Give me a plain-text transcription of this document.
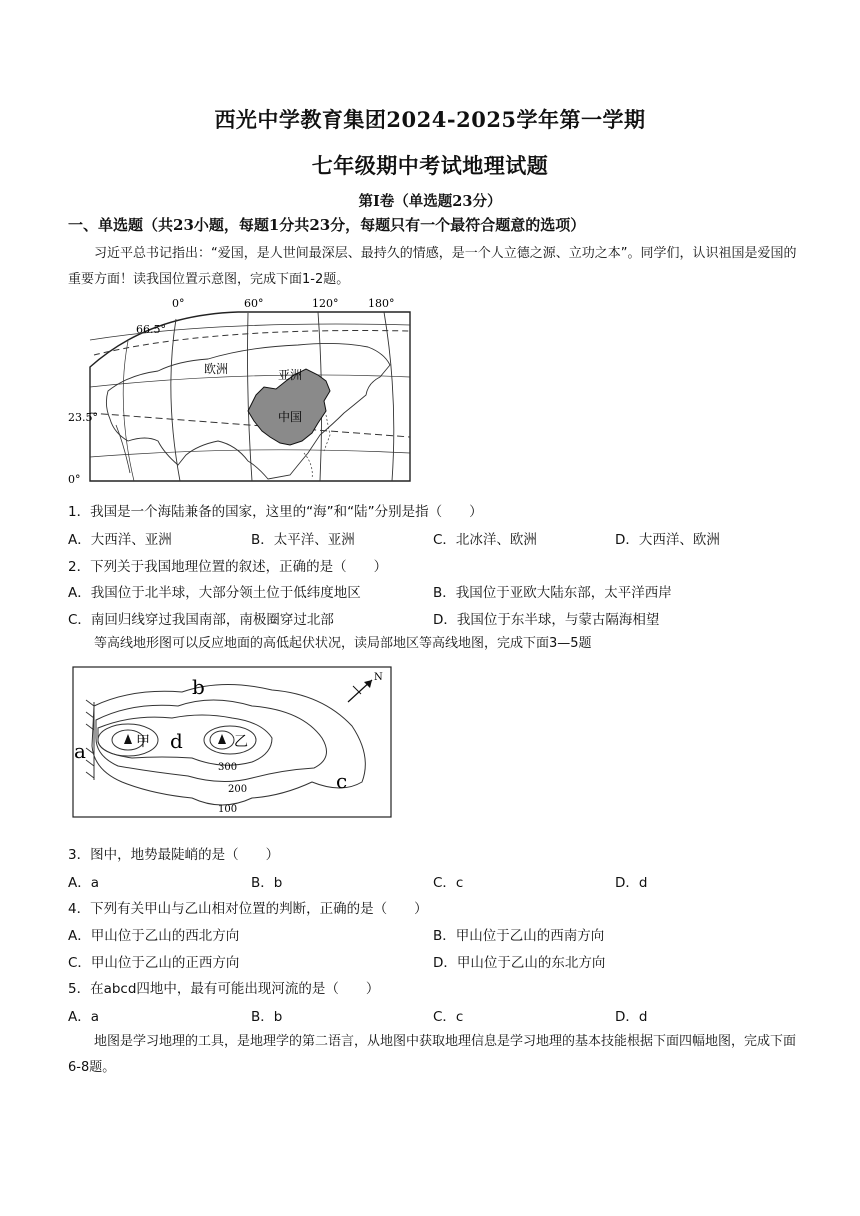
西光中学教育集团2024-2025学年第一学期
七年级期中考试地理试题
第Ⅰ卷（单选题23分）
一、单选题（共23小题，每题1分共23分，每题只有一个最符合题意的选项）
习近平总书记指出：“爱国，是人世间最深层、最持久的情感，是一个人立德之源、立功之本”。同学们，认识祖国是爱国的重要方面！读我国位置示意图，完成下面1-2题。
0°	60°	120°	180°
66.5°
23.5°
0°
欧洲	亚洲
中国
1．我国是一个海陆兼备的国家，这里的“海”和“陆”分别是指（　　）
A．大西洋、亚洲	B．太平洋、亚洲	C．北冰洋、欧洲	D．大西洋、欧洲
2．下列关于我国地理位置的叙述，正确的是（　　）
A．我国位于北半球，大部分领土位于低纬度地区	B．我国位于亚欧大陆东部，太平洋西岸
C．南回归线穿过我国南部，南极圈穿过北部	D．我国位于东半球，与蒙古隔海相望
等高线地形图可以反应地面的高低起伏状况，读局部地区等高线地图，完成下面3—5题
N
a
b
c
d
甲	乙
300
200
100
3．图中，地势最陡峭的是（　　）
A．a	B．b	C．c	D．d
4．下列有关甲山与乙山相对位置的判断，正确的是（　　）
A．甲山位于乙山的西北方向	B．甲山位于乙山的西南方向
C．甲山位于乙山的正西方向	D．甲山位于乙山的东北方向
5．在abcd四地中，最有可能出现河流的是（　　）
A．a	B．b	C．c	D．d
地图是学习地理的工具，是地理学的第二语言，从地图中获取地理信息是学习地理的基本技能根据下面四幅地图，完成下面6-8题。
